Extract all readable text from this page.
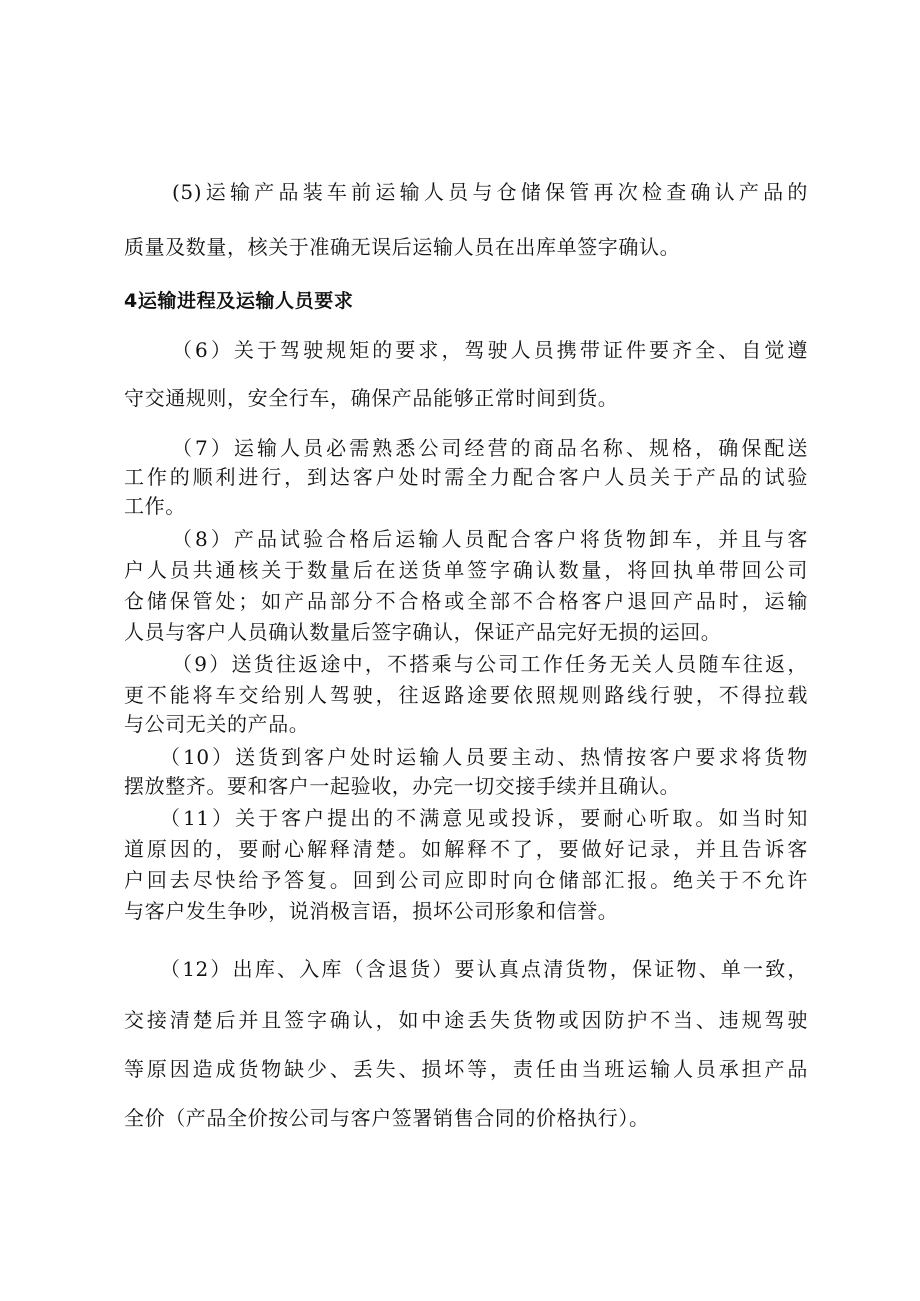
(5)运输产品装车前运输人员与仓储保管再次检查确认产品的
质量及数量，核关于准确无误后运输人员在出库单签字确认。
4运输进程及运输人员要求
（6）关于驾驶规矩的要求，驾驶人员携带证件要齐全、自觉遵
守交通规则，安全行车，确保产品能够正常时间到货。
（7）运输人员必需熟悉公司经营的商品名称、规格，确保配送
工作的顺利进行，到达客户处时需全力配合客户人员关于产品的试验
工作。
（8）产品试验合格后运输人员配合客户将货物卸车，并且与客
户人员共通核关于数量后在送货单签字确认数量，将回执单带回公司
仓储保管处；如产品部分不合格或全部不合格客户退回产品时，运输
人员与客户人员确认数量后签字确认，保证产品完好无损的运回。
（9）送货往返途中，不搭乘与公司工作任务无关人员随车往返，
更不能将车交给别人驾驶，往返路途要依照规则路线行驶，不得拉载
与公司无关的产品。
（10）送货到客户处时运输人员要主动、热情按客户要求将货物
摆放整齐。要和客户一起验收，办完一切交接手续并且确认。
（11）关于客户提出的不满意见或投诉，要耐心听取。如当时知
道原因的，要耐心解释清楚。如解释不了，要做好记录，并且告诉客
户回去尽快给予答复。回到公司应即时向仓储部汇报。绝关于不允许
与客户发生争吵，说消极言语，损坏公司形象和信誉。
（12）出库、入库（含退货）要认真点清货物，保证物、单一致，
交接清楚后并且签字确认，如中途丢失货物或因防护不当、违规驾驶
等原因造成货物缺少、丢失、损坏等，责任由当班运输人员承担产品
全价（产品全价按公司与客户签署销售合同的价格执行）。
